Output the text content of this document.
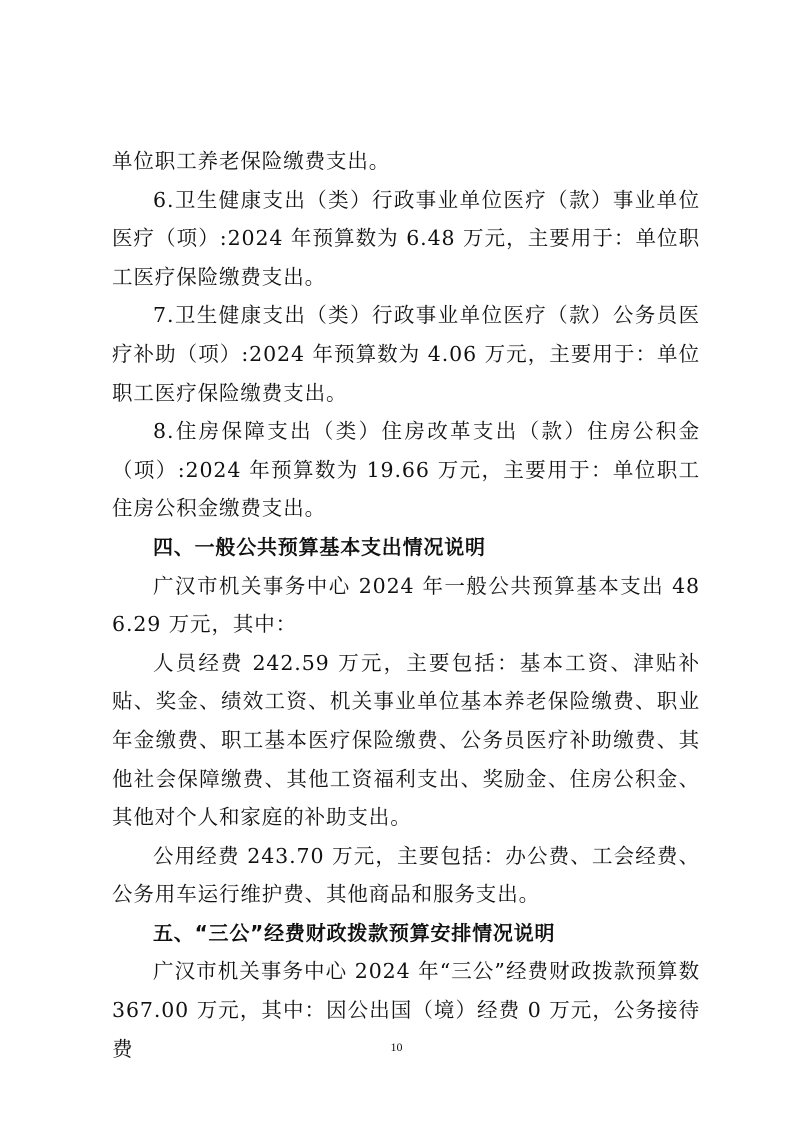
单位职工养老保险缴费支出。

6.卫生健康支出（类）行政事业单位医疗（款）事业单位医疗（项）:2024 年预算数为 6.48 万元，主要用于：单位职工医疗保险缴费支出。

7.卫生健康支出（类）行政事业单位医疗（款）公务员医疗补助（项）:2024 年预算数为 4.06 万元，主要用于：单位职工医疗保险缴费支出。

8.住房保障支出（类）住房改革支出（款）住房公积金（项）:2024 年预算数为 19.66 万元，主要用于：单位职工住房公积金缴费支出。

四、一般公共预算基本支出情况说明

广汉市机关事务中心 2024 年一般公共预算基本支出 486.29 万元，其中：

人员经费 242.59 万元，主要包括：基本工资、津贴补贴、奖金、绩效工资、机关事业单位基本养老保险缴费、职业年金缴费、职工基本医疗保险缴费、公务员医疗补助缴费、其他社会保障缴费、其他工资福利支出、奖励金、住房公积金、其他对个人和家庭的补助支出。

公用经费 243.70 万元，主要包括：办公费、工会经费、公务用车运行维护费、其他商品和服务支出。

五、“三公”经费财政拨款预算安排情况说明

广汉市机关事务中心 2024 年“三公”经费财政拨款预算数 367.00 万元，其中：因公出国（境）经费 0 万元，公务接待费	10
